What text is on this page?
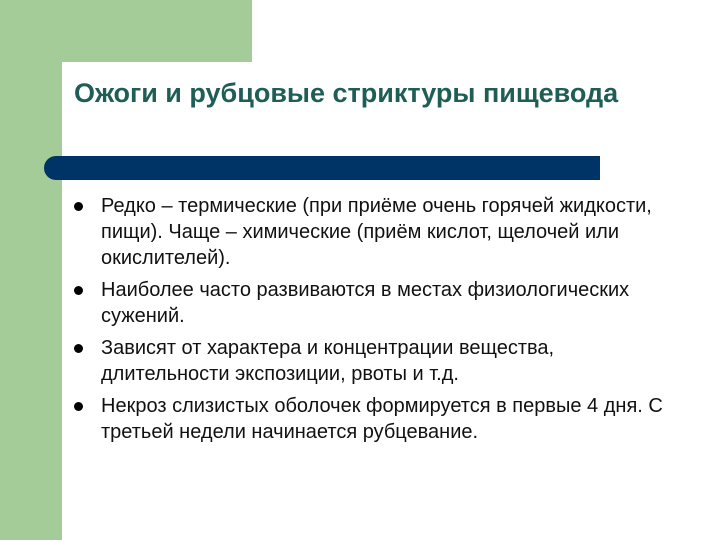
Ожоги и рубцовые стриктуры пищевода
Редко – термические (при приёме очень горячей жидкости, пищи). Чаще – химические (приём кислот, щелочей или окислителей).
Наиболее часто развиваются в местах физиологических сужений.
Зависят от характера и концентрации вещества, длительности экспозиции, рвоты и т.д.
Некроз слизистых оболочек формируется в первые 4 дня. С третьей недели начинается рубцевание.
